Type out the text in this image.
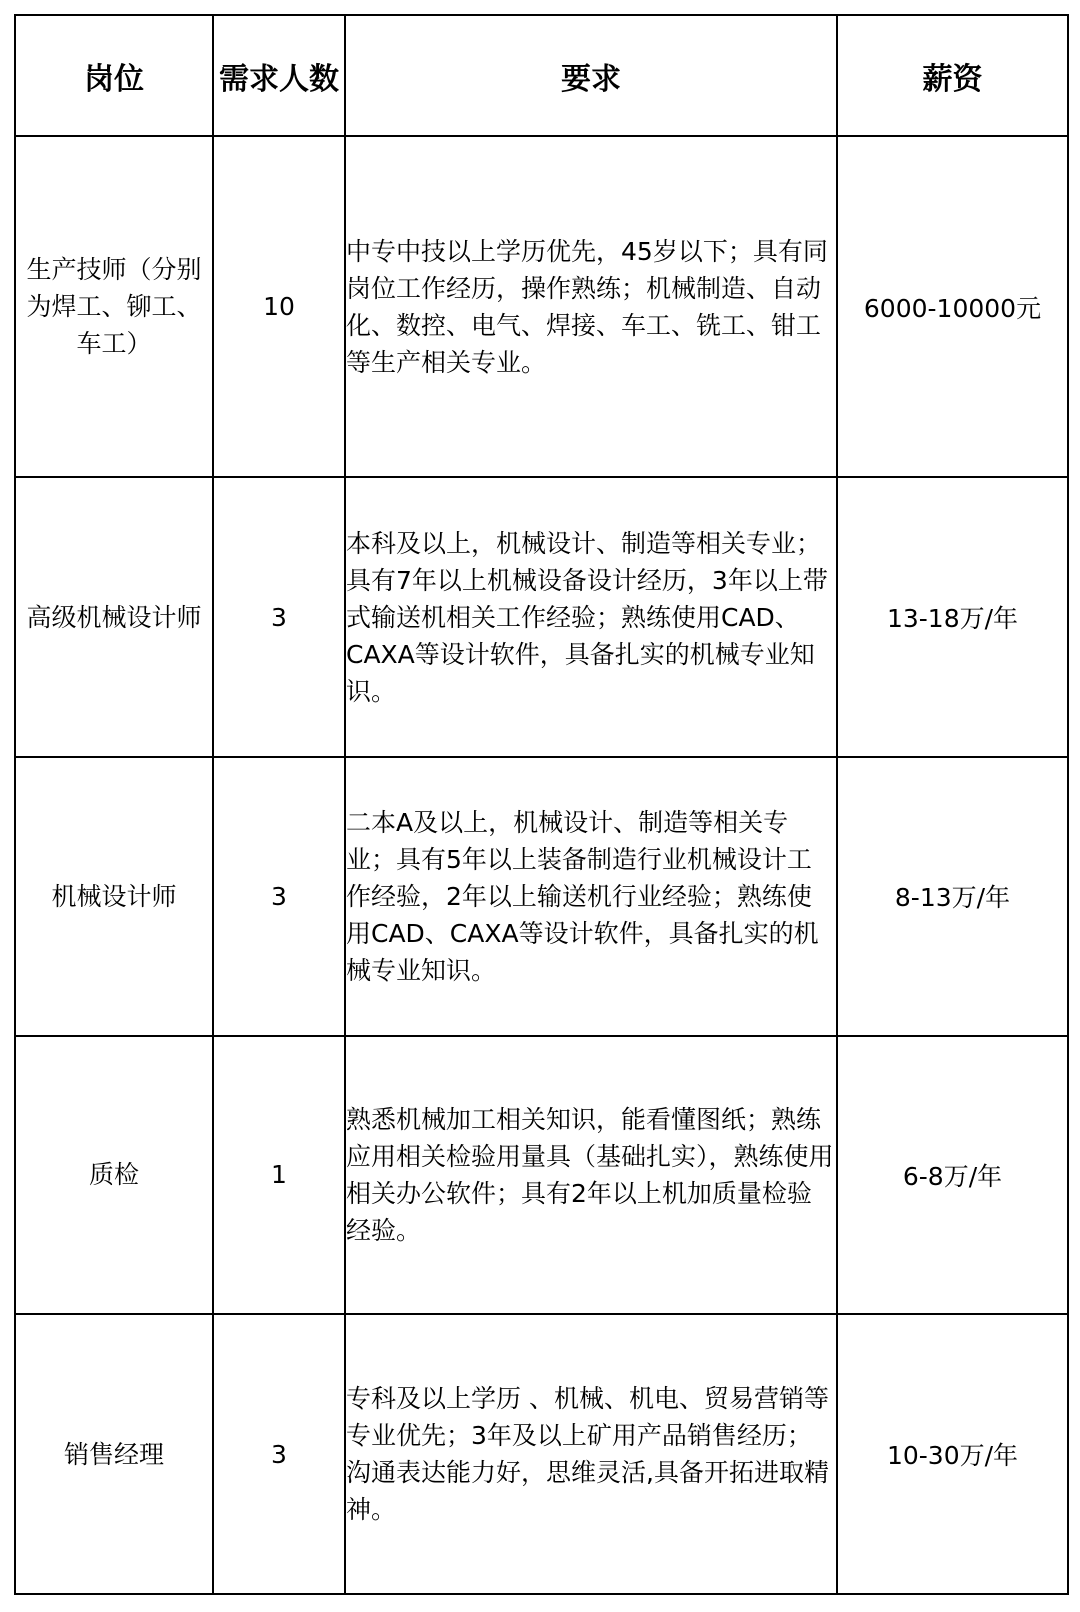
岗位	需求人数	要求	薪资
生产技师（分别为焊工、铆工、车工）	10	中专中技以上学历优先，45岁以下；具有同岗位工作经历，操作熟练；机械制造、自动化、数控、电气、焊接、车工、铣工、钳工等生产相关专业。	6000-10000元
高级机械设计师	3	本科及以上，机械设计、制造等相关专业；具有7年以上机械设备设计经历，3年以上带式输送机相关工作经验；熟练使用CAD、CAXA等设计软件，具备扎实的机械专业知识。	13-18万/年
机械设计师	3	二本A及以上，机械设计、制造等相关专业；具有5年以上装备制造行业机械设计工作经验，2年以上输送机行业经验；熟练使用CAD、CAXA等设计软件，具备扎实的机械专业知识。	8-13万/年
质检	1	熟悉机械加工相关知识，能看懂图纸；熟练应用相关检验用量具（基础扎实），熟练使用相关办公软件；具有2年以上机加质量检验经验。	6-8万/年
销售经理	3	专科及以上学历 、机械、机电、贸易营销等专业优先；3年及以上矿用产品销售经历；沟通表达能力好，思维灵活,具备开拓进取精神。	10-30万/年
